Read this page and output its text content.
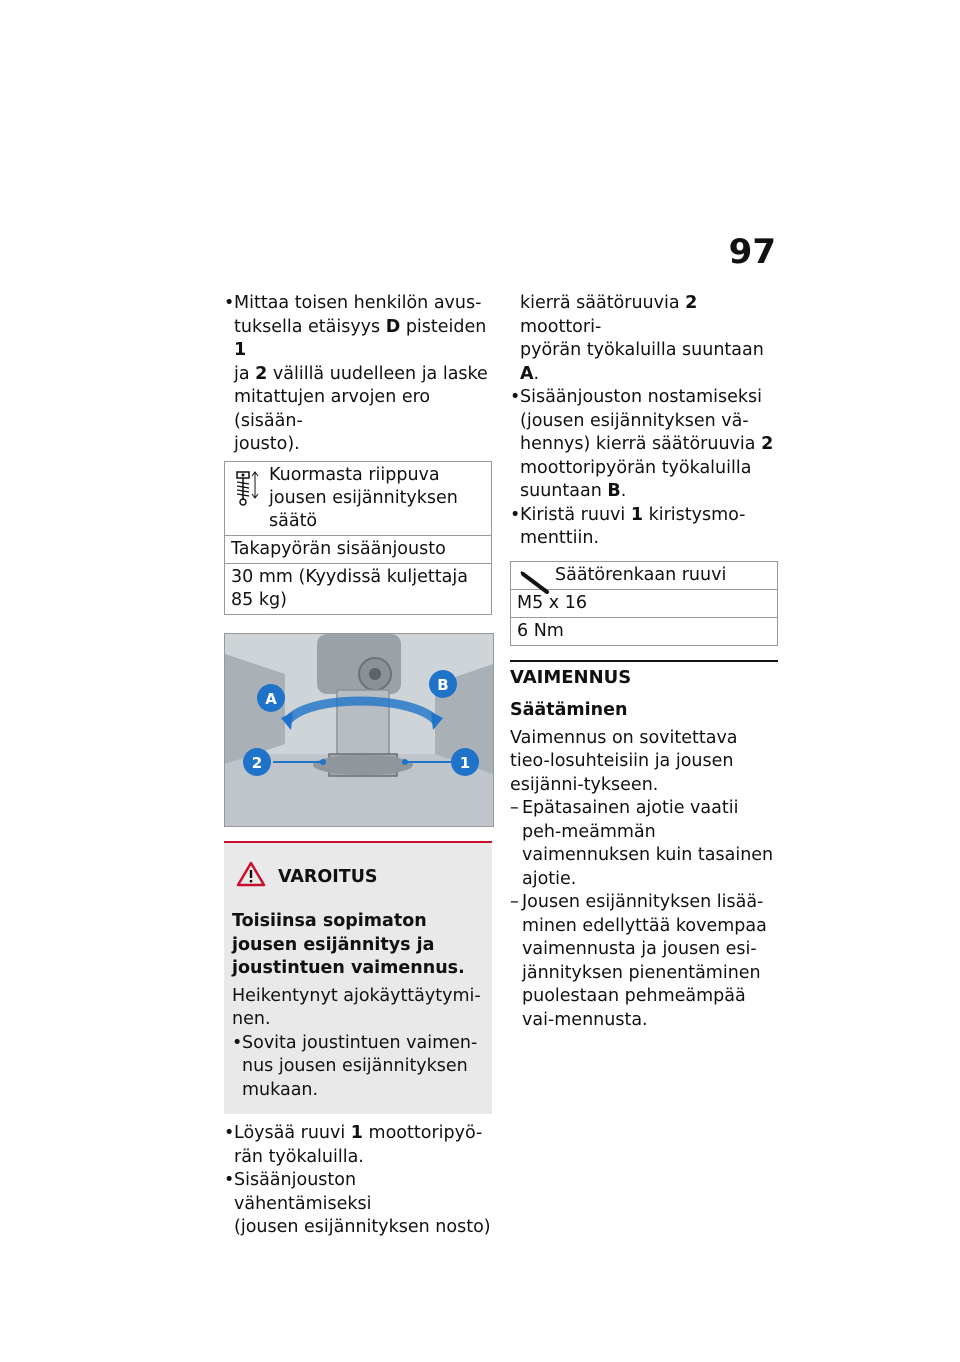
97
• Mittaa toisen henkilön avus-
tuksella etäisyys D pisteiden 1
ja 2 välillä uudelleen ja laske
mitattujen arvojen ero (sisään-
jousto).
Kuormasta riippuva jousen esijännityksen säätö
Takapyörän sisäänjousto
30 mm (Kyydissä kuljettaja 85 kg)
A
B
2	1
VAROITUS
Toisiinsa sopimaton jousen esijännitys ja joustintuen vaimennus.
Heikentynyt ajokäyttäytymi-nen.
• Sovita joustintuen vaimen-nus jousen esijännityksen mukaan.
• Löysää ruuvi 1 moottoripyö-
rän työkaluilla.
• Sisäänjouston vähentämiseksi
(jousen esijännityksen nosto)
kierrä säätöruuvia 2 moottori-
pyörän työkaluilla suuntaan A.
• Sisäänjouston nostamiseksi
(jousen esijännityksen vä-
hennys) kierrä säätöruuvia 2
moottoripyörän työkaluilla
suuntaan B.
• Kiristä ruuvi 1 kiristysmo-
menttiin.
Säätörenkaan ruuvi
M5 x 16
6 Nm
VAIMENNUS
Säätäminen
Vaimennus on sovitettava tieo-losuhteisiin ja jousen esijänni-tykseen.
– Epätasainen ajotie vaatii peh-meämmän vaimennuksen kuin tasainen ajotie.
– Jousen esijännityksen lisää-minen edellyttää kovempaa vaimennusta ja jousen esi-jännityksen pienentäminen puolestaan pehmeämpää vai-mennusta.
